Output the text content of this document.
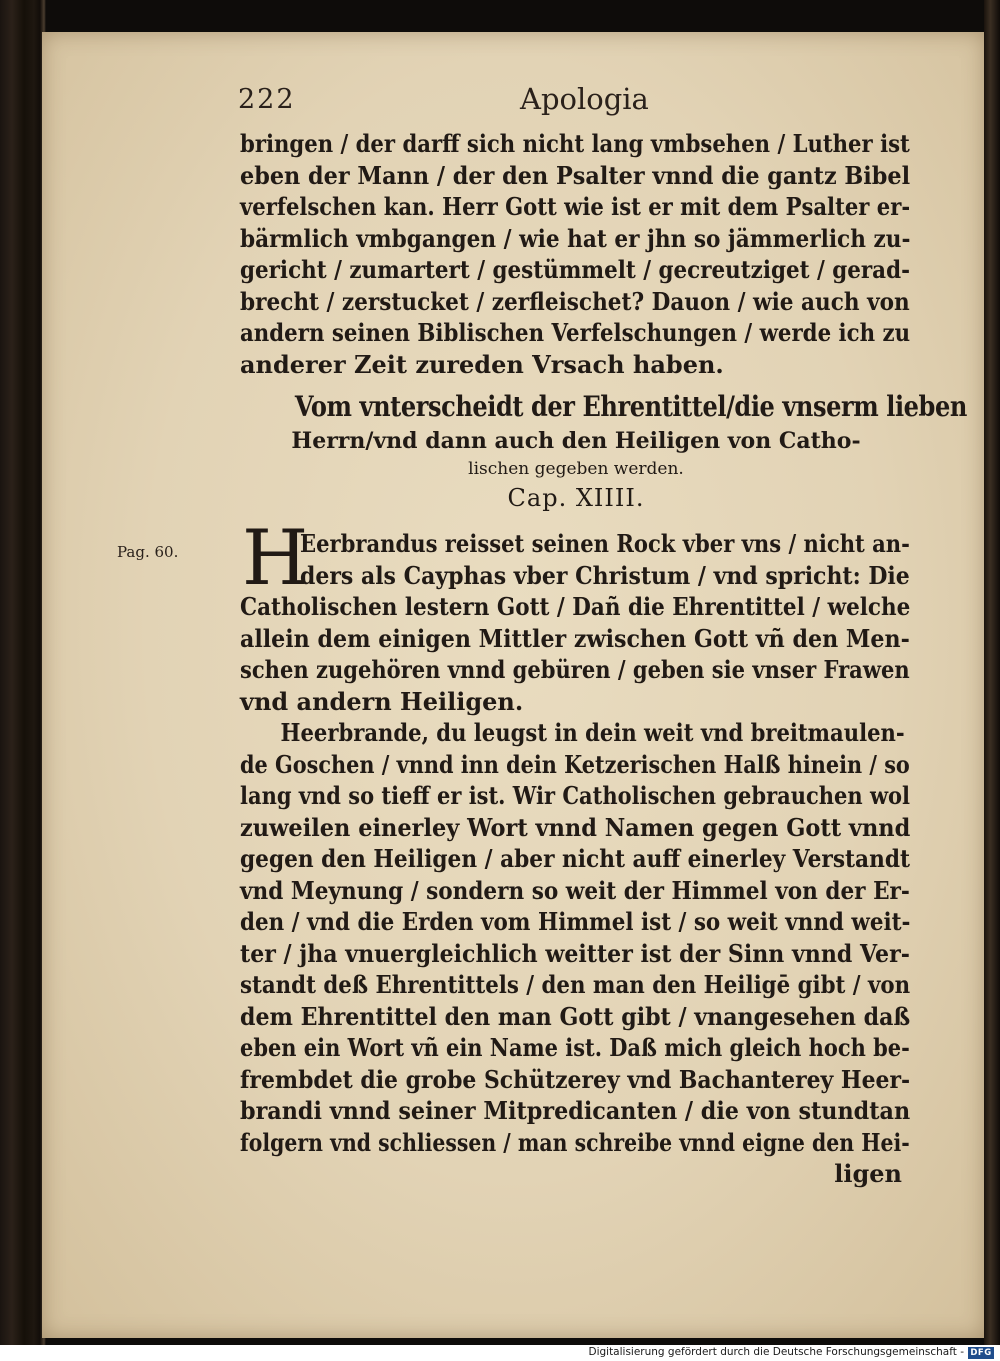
222	Apologia
bringen / der darff sich nicht lang vmbsehen / Luther ist
eben der Mann / der den Psalter vnnd die gantz Bibel
verfelschen kan. Herr Gott wie ist er mit dem Psalter er-
bärmlich vmbgangen / wie hat er jhn so jämmerlich zu-
gericht / zumartert / gestümmelt / gecreutziget / gerad-
brecht / zerstucket / zerfleischet? Dauon / wie auch von
andern seinen Biblischen Verfelschungen / werde ich zu
anderer Zeit zureden Vrsach haben.
Vom vnterscheidt der Ehrentittel/die vnserm lieben
Herrn/vnd dann auch den Heiligen von Catho-
lischen gegeben werden.
Cap. XIIII.
Pag. 60. H
Eerbrandus reisset seinen Rock vber vns / nicht an-
ders als Cayphas vber Christum / vnd spricht: Die
Catholischen lestern Gott / Dañ die Ehrentittel / welche
allein dem einigen Mittler zwischen Gott vñ den Men-
schen zugehören vnnd gebüren / geben sie vnser Frawen
vnd andern Heiligen.
Heerbrande, du leugst in dein weit vnd breitmaulen-
de Goschen / vnnd inn dein Ketzerischen Halß hinein / so
lang vnd so tieff er ist. Wir Catholischen gebrauchen wol
zuweilen einerley Wort vnnd Namen gegen Gott vnnd
gegen den Heiligen / aber nicht auff einerley Verstandt
vnd Meynung / sondern so weit der Himmel von der Er-
den / vnd die Erden vom Himmel ist / so weit vnnd weit-
ter / jha vnuergleichlich weitter ist der Sinn vnnd Ver-
standt deß Ehrentittels / den man den Heiligē gibt / von
dem Ehrentittel den man Gott gibt / vnangesehen daß
eben ein Wort vñ ein Name ist. Daß mich gleich hoch be-
frembdet die grobe Schützerey vnd Bachanterey Heer-
brandi vnnd seiner Mitpredicanten / die von stundtan
folgern vnd schliessen / man schreibe vnnd eigne den Hei-
ligen
Digitalisierung gefördert durch die Deutsche Forschungsgemeinschaft - DFG
